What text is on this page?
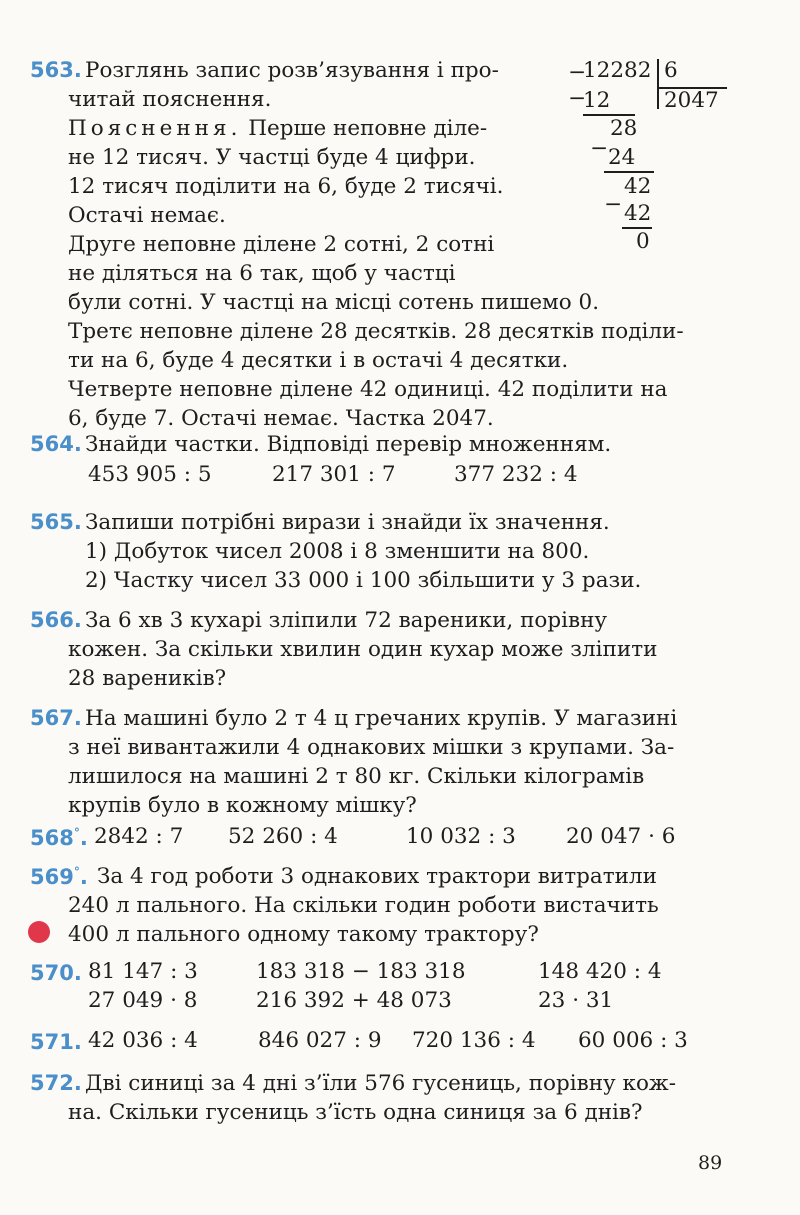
563. Розглянь запис розв’язування і про-
читай пояснення.
Пояснення. Перше неповне діле-
не 12 тисяч. У частці буде 4 цифри.
12 тисяч поділити на 6, буде 2 тисячі.
Остачі немає.
Друге неповне ділене 2 сотні, 2 сотні
не діляться на 6 так, щоб у частці
були сотні. У частці на місці сотень пишемо 0.
Третє неповне ділене 28 десятків. 28 десятків поділи-
ти на 6, буде 4 десятки і в остачі 4 десятки.
Четверте неповне ділене 42 одиниці. 42 поділити на
6, буде 7. Остачі немає. Частка 2047.
−
12282 6
−
12 2047
28
− 24
42
− 42
0
564. Знайди частки. Відповіді перевір множенням.
453 905 : 5	217 301 : 7	377 232 : 4
565. Запиши потрібні вирази і знайди їх значення.
1) Добуток чисел 2008 і 8 зменшити на 800.
2) Частку чисел 33 000 і 100 збільшити у 3 рази.
566. За 6 хв 3 кухарі зліпили 72 вареники, порівну
кожен. За скільки хвилин один кухар може зліпити
28 вареників?
567. На машині було 2 т 4 ц гречаних крупів. У магазині
з неї вивантажили 4 однакових мішки з крупами. За-
лишилося на машині 2 т 80 кг. Скільки кілограмів
крупів було в кожному мішку?
568°. 2842 : 7 52 260 : 4	10 032 : 3 20 047 · 6
569°. За 4 год роботи 3 однакових трактори витратили
240 л пального. На скільки годин роботи вистачить
400 л пального одному такому трактору?
570. 81 147 : 3	183 318 − 183 318	148 420 : 4
27 049 · 8	216 392 + 48 073	23 · 31
571. 42 036 : 4	846 027 : 9 720 136 : 4 60 006 : 3
572. Дві синиці за 4 дні з’їли 576 гусениць, порівну кож-
на. Скільки гусениць з’їсть одна синиця за 6 днів?
89
